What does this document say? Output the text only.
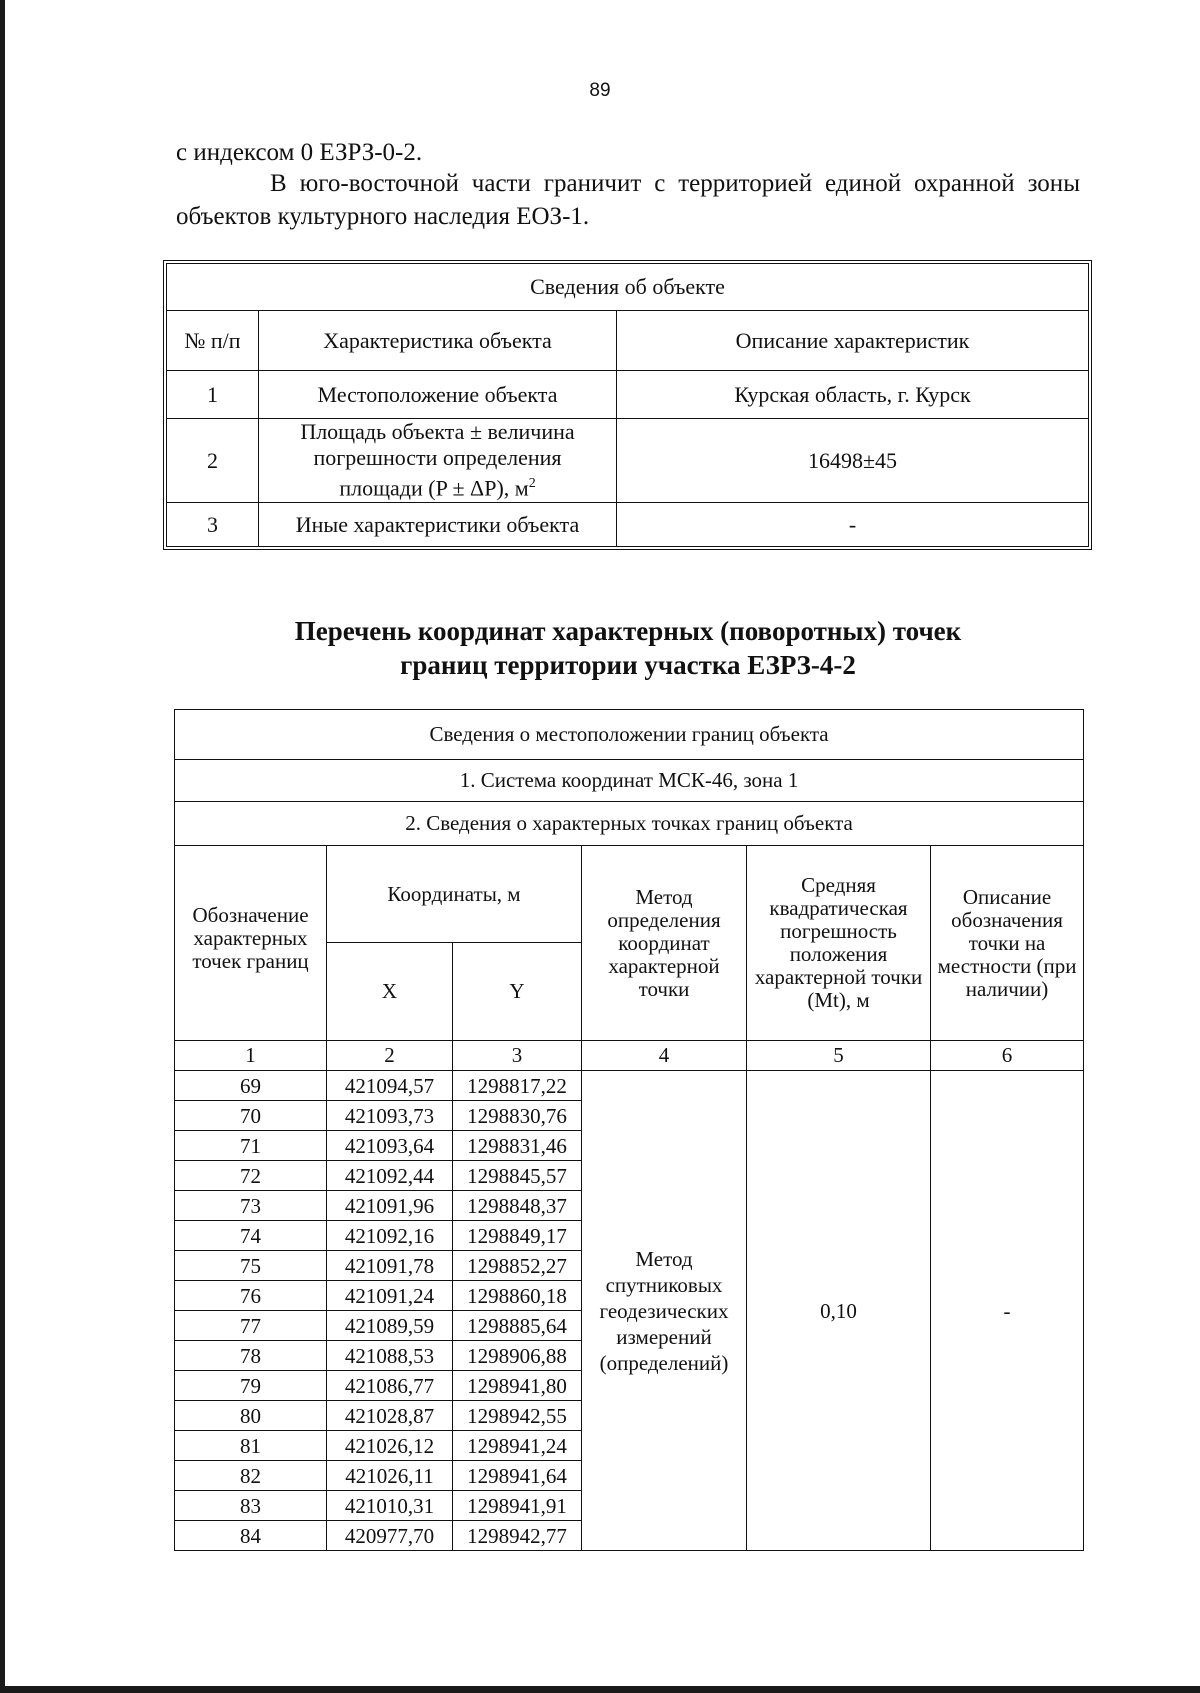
89
с индексом 0 ЕЗРЗ-0-2.
В юго-восточной части граничит с территорией единой охранной зоны объектов культурного наследия ЕОЗ-1.
Сведения об объекте		
№ п/п	Характеристика объекта	Описание характеристик
1	Местоположение объекта	Курская область, г. Курск
2	Площадь объекта ± величина
погрешности определения
площади (P ± ΔP), $м^2$	16498±45
3	Иные характеристики объекта	-
Перечень координат характерных (поворотных) точек
границ территории участка ЕЗРЗ-4-2
Сведения о местоположении границ объекта					
1. Система координат МСК-46, зона 1					
2. Сведения о характерных точках границ объекта					
Обозначение характерных точек границ	Координаты, м		Метод определения координат характерной точки	Средняя квадратическая погрешность положения характерной точки (Mt), м	Описание обозначения точки на местности (при наличии)
	X	Y			
1	2	3	4	5	6
69	421094,57	1298817,22	Метод спутниковых геодезических измерений (определений)	0,10	-
70	421093,73	1298830,76			
71	421093,64	1298831,46			
72	421092,44	1298845,57			
73	421091,96	1298848,37			
74	421092,16	1298849,17			
75	421091,78	1298852,27			
76	421091,24	1298860,18			
77	421089,59	1298885,64			
78	421088,53	1298906,88			
79	421086,77	1298941,80			
80	421028,87	1298942,55			
81	421026,12	1298941,24			
82	421026,11	1298941,64			
83	421010,31	1298941,91			
84	420977,70	1298942,77			
